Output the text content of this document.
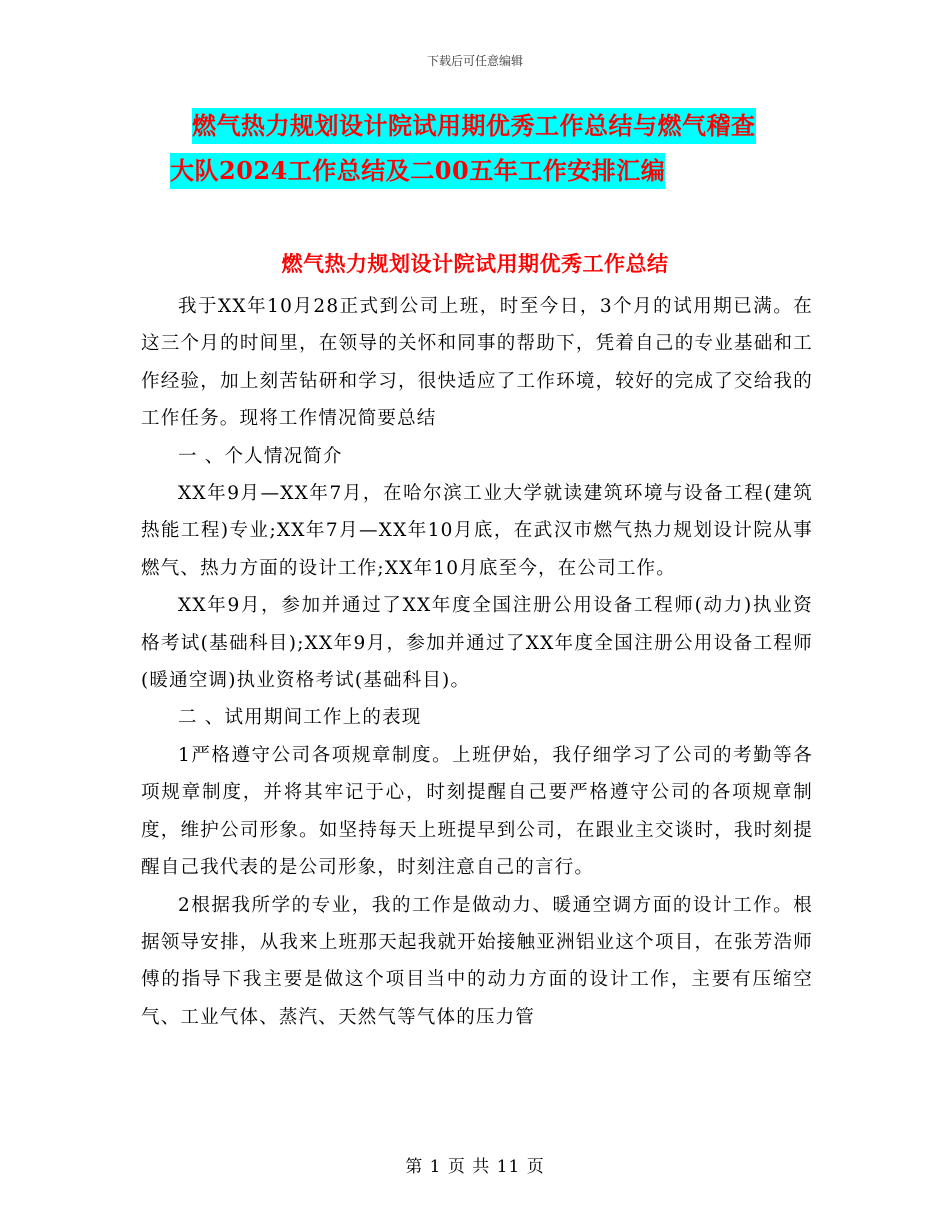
下载后可任意编辑
燃气热力规划设计院试用期优秀工作总结与燃气稽查
大队2024工作总结及二00五年工作安排汇编
燃气热力规划设计院试用期优秀工作总结

我于XX年10月28正式到公司上班，时至今日，3个月的试用期已满。在这三个月的时间里，在领导的关怀和同事的帮助下，凭着自己的专业基础和工作经验，加上刻苦钻研和学习，很快适应了工作环境，较好的完成了交给我的工作任务。现将工作情况简要总结

一 、个人情况简介

XX年9月—XX年7月，在哈尔滨工业大学就读建筑环境与设备工程(建筑热能工程)专业;XX年7月—XX年10月底，在武汉市燃气热力规划设计院从事燃气、热力方面的设计工作;XX年10月底至今，在公司工作。

XX年9月，参加并通过了XX年度全国注册公用设备工程师(动力)执业资格考试(基础科目);XX年9月，参加并通过了XX年度全国注册公用设备工程师(暖通空调)执业资格考试(基础科目)。

二 、试用期间工作上的表现

1严格遵守公司各项规章制度。上班伊始，我仔细学习了公司的考勤等各项规章制度，并将其牢记于心，时刻提醒自己要严格遵守公司的各项规章制度，维护公司形象。如坚持每天上班提早到公司，在跟业主交谈时，我时刻提醒自己我代表的是公司形象，时刻注意自己的言行。

2根据我所学的专业，我的工作是做动力、暖通空调方面的设计工作。根据领导安排，从我来上班那天起我就开始接触亚洲铝业这个项目，在张芳浩师傅的指导下我主要是做这个项目当中的动力方面的设计工作，主要有压缩空气、工业气体、蒸汽、天然气等气体的压力管

第 1 页 共 11 页
